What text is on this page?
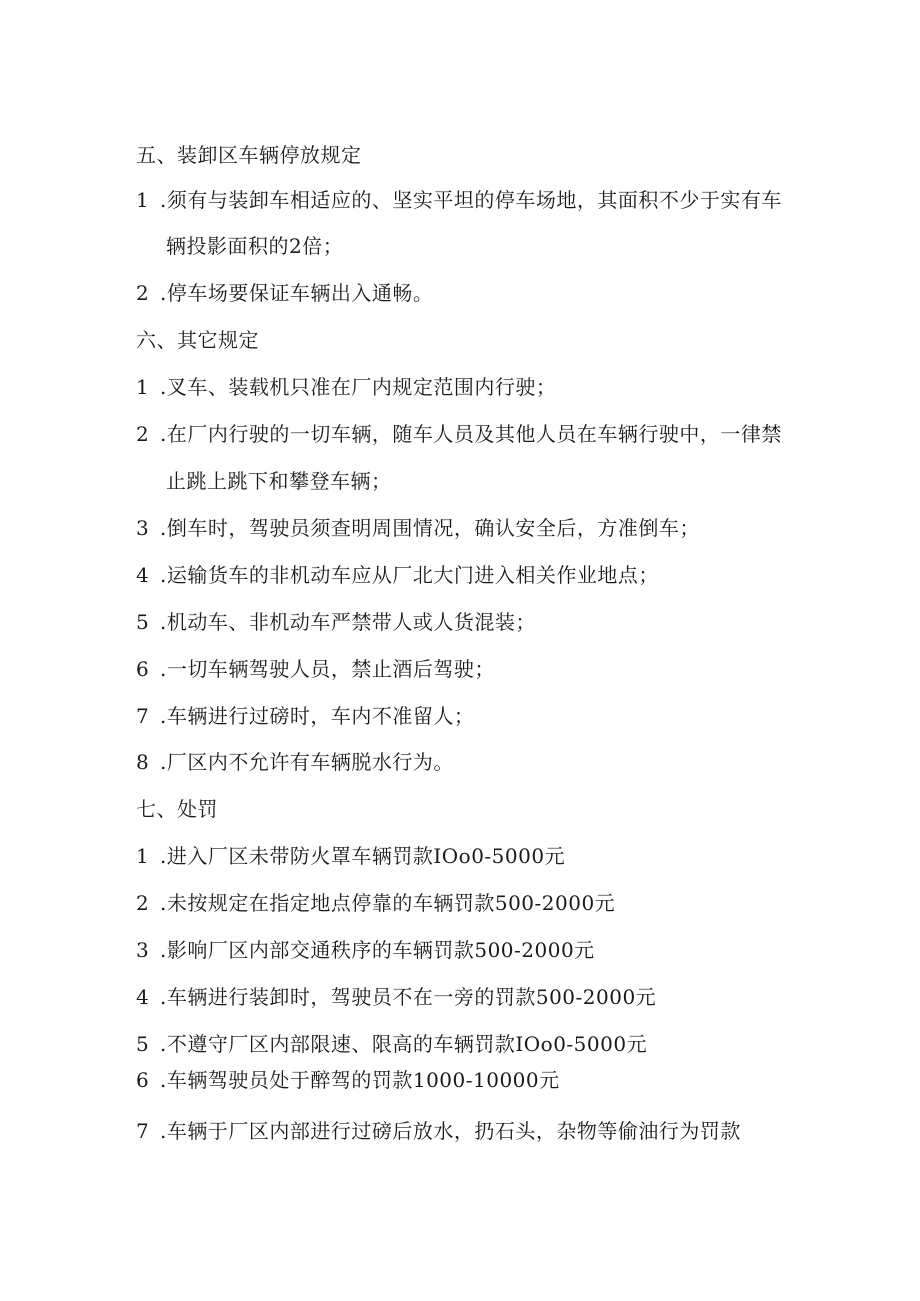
五、装卸区车辆停放规定
1 .须有与装卸车相适应的、坚实平坦的停车场地，其面积不少于实有车
辆投影面积的2倍；
2 .停车场要保证车辆出入通畅。
六、其它规定
1 .叉车、装载机只准在厂内规定范围内行驶；
2 .在厂内行驶的一切车辆，随车人员及其他人员在车辆行驶中，一律禁
止跳上跳下和攀登车辆；
3 .倒车时，驾驶员须查明周围情况，确认安全后，方准倒车；
4 .运输货车的非机动车应从厂北大门进入相关作业地点；
5 .机动车、非机动车严禁带人或人货混装；
6 .一切车辆驾驶人员，禁止酒后驾驶；
7 .车辆进行过磅时，车内不准留人；
8 .厂区内不允许有车辆脱水行为。
七、处罚
1 .进入厂区未带防火罩车辆罚款IOo0-5000元
2 .未按规定在指定地点停靠的车辆罚款500-2000元
3 .影响厂区内部交通秩序的车辆罚款500-2000元
4 .车辆进行装卸时，驾驶员不在一旁的罚款500-2000元
5 .不遵守厂区内部限速、限高的车辆罚款IOo0-5000元
6 .车辆驾驶员处于醉驾的罚款1000-10000元
7 .车辆于厂区内部进行过磅后放水，扔石头，杂物等偷油行为罚款
